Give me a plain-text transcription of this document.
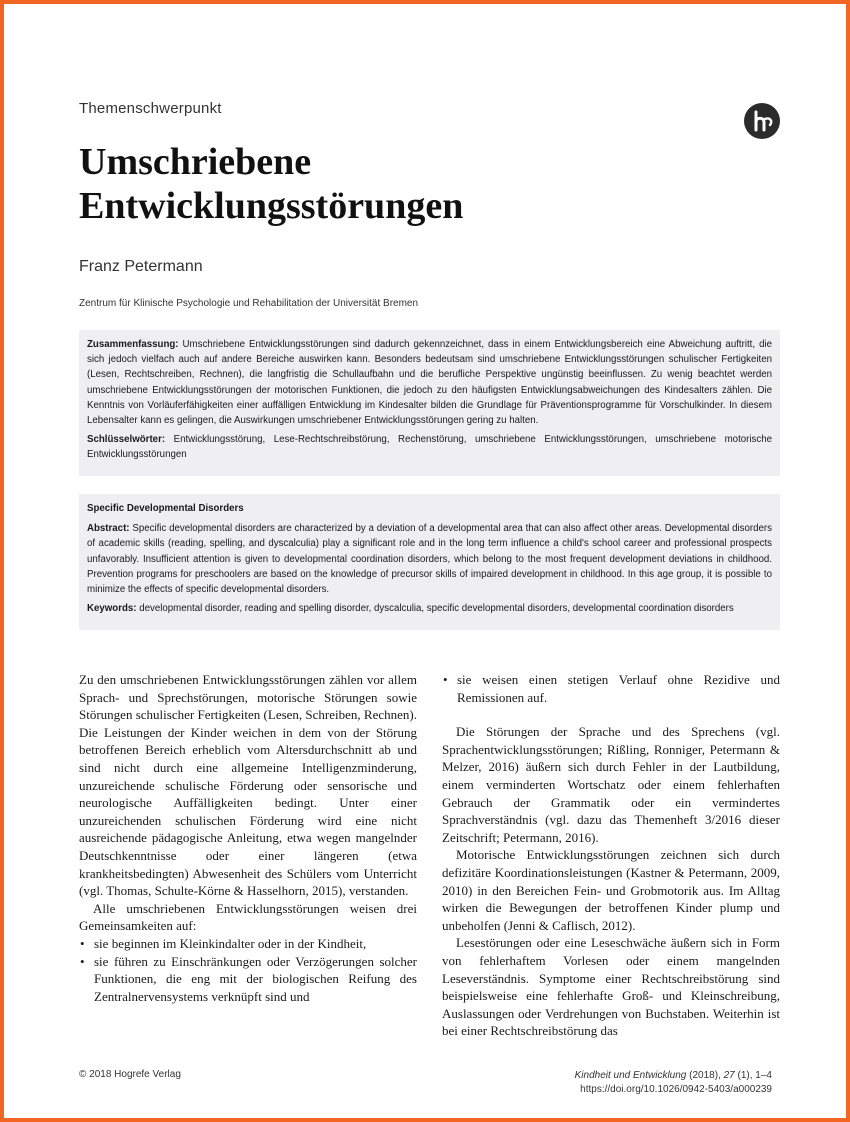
Themenschwerpunkt
Umschriebene
Entwicklungsstörungen
Franz Petermann
Zentrum für Klinische Psychologie und Rehabilitation der Universität Bremen

Zusammenfassung: Umschriebene Entwicklungsstörungen sind dadurch gekennzeichnet, dass in einem Entwicklungsbereich eine Abweichung auftritt, die sich jedoch vielfach auch auf andere Bereiche auswirken kann. Besonders bedeutsam sind umschriebene Entwicklungsstörungen schulischer Fertigkeiten (Lesen, Rechtschreiben, Rechnen), die langfristig die Schullaufbahn und die berufliche Perspektive ungünstig beeinflussen. Zu wenig beachtet werden umschriebene Entwicklungsstörungen der motorischen Funktionen, die jedoch zu den häufigsten Entwicklungsabweichungen des Kindesalters zählen. Die Kenntnis von Vorläuferfähigkeiten einer auffälligen Entwicklung im Kindesalter bilden die Grundlage für Präventionsprogramme für Vorschulkinder. In diesem Lebensalter kann es gelingen, die Auswirkungen umschriebener Entwicklungsstörungen gering zu halten.

Schlüsselwörter: Entwicklungsstörung, Lese-Rechtschreibstörung, Rechenstörung, umschriebene Entwicklungsstörungen, umschriebene motorische Entwicklungsstörungen

Specific Developmental Disorders

Abstract: Specific developmental disorders are characterized by a deviation of a developmental area that can also affect other areas. Developmental disorders of academic skills (reading, spelling, and dyscalculia) play a significant role and in the long term influence a child's school career and professional prospects unfavorably. Insufficient attention is given to developmental coordination disorders, which belong to the most frequent development deviations in childhood. Prevention programs for preschoolers are based on the knowledge of precursor skills of impaired development in childhood. In this age group, it is possible to minimize the effects of specific developmental disorders.

Keywords: developmental disorder, reading and spelling disorder, dyscalculia, specific developmental disorders, developmental coordination disorders

Zu den umschriebenen Entwicklungsstörungen zählen vor allem Sprach- und Sprechstörungen, motorische Störungen sowie Störungen schulischer Fertigkeiten (Lesen, Schreiben, Rechnen). Die Leistungen der Kinder weichen in dem von der Störung betroffenen Bereich erheblich vom Altersdurchschnitt ab und sind nicht durch eine allgemeine Intelligenzminderung, unzureichende schulische Förderung oder sensorische und neurologische Auffälligkeiten bedingt. Unter einer unzureichenden schulischen Förderung wird eine nicht ausreichende pädagogische Anleitung, etwa wegen mangelnder Deutschkenntnisse oder einer längeren (etwa krankheitsbedingten) Abwesenheit des Schülers vom Unterricht (vgl. Thomas, Schulte-Körne & Hasselhorn, 2015), verstanden.

Alle umschriebenen Entwicklungsstörungen weisen drei Gemeinsamkeiten auf:

• sie beginnen im Kleinkindalter oder in der Kindheit,
• sie führen zu Einschränkungen oder Verzögerungen solcher Funktionen, die eng mit der biologischen Reifung des Zentralnervensystems verknüpft sind und
• sie weisen einen stetigen Verlauf ohne Rezidive und Remissionen auf.

Die Störungen der Sprache und des Sprechens (vgl. Sprachentwicklungsstörungen; Rißling, Ronniger, Petermann & Melzer, 2016) äußern sich durch Fehler in der Lautbildung, einem verminderten Wortschatz oder einem fehlerhaften Gebrauch der Grammatik oder ein vermindertes Sprachverständnis (vgl. dazu das Themenheft 3/2016 dieser Zeitschrift; Petermann, 2016).

Motorische Entwicklungsstörungen zeichnen sich durch defizitäre Koordinationsleistungen (Kastner & Petermann, 2009, 2010) in den Bereichen Fein- und Grobmotorik aus. Im Alltag wirken die Bewegungen der betroffenen Kinder plump und unbeholfen (Jenni & Caflisch, 2012).

Lesestörungen oder eine Leseschwäche äußern sich in Form von fehlerhaftem Vorlesen oder einem mangelnden Leseverständnis. Symptome einer Rechtschreibstörung sind beispielsweise eine fehlerhafte Groß- und Kleinschreibung, Auslassungen oder Verdrehungen von Buchstaben. Weiterhin ist bei einer Rechtschreibstörung das

© 2018 Hogrefe Verlag	Kindheit und Entwicklung (2018), 27 (1), 1–4
https://doi.org/10.1026/0942-5403/a000239
